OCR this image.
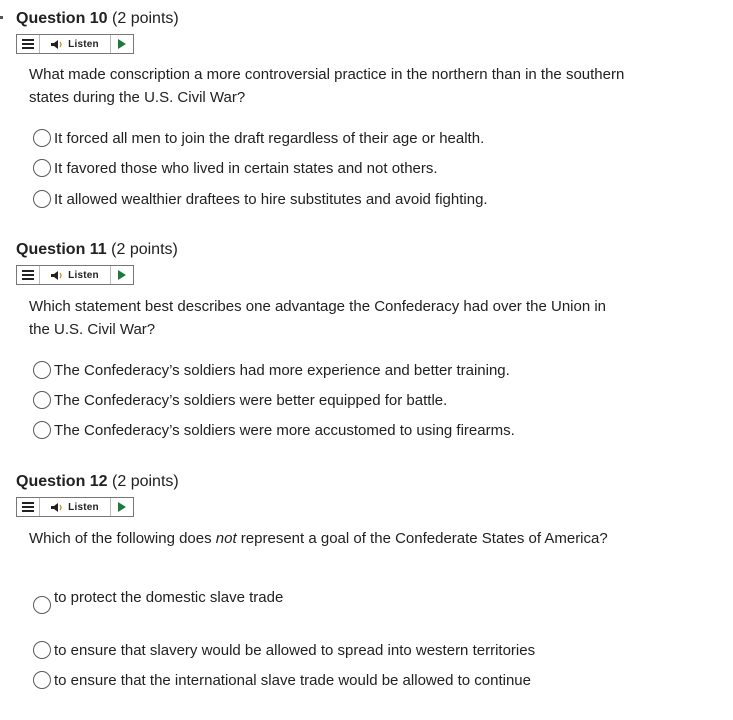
Question 10 (2 points)
Listen
What made conscription a more controversial practice in the northern than in the southern states during the U.S. Civil War?
It forced all men to join the draft regardless of their age or health.
It favored those who lived in certain states and not others.
It allowed wealthier draftees to hire substitutes and avoid fighting.
Question 11 (2 points)
Listen
Which statement best describes one advantage the Confederacy had over the Union in the U.S. Civil War?
The Confederacy’s soldiers had more experience and better training.
The Confederacy’s soldiers were better equipped for battle.
The Confederacy’s soldiers were more accustomed to using firearms.
Question 12 (2 points)
Listen
Which of the following does not represent a goal of the Confederate States of America?
to protect the domestic slave trade
to ensure that slavery would be allowed to spread into western territories
to ensure that the international slave trade would be allowed to continue
